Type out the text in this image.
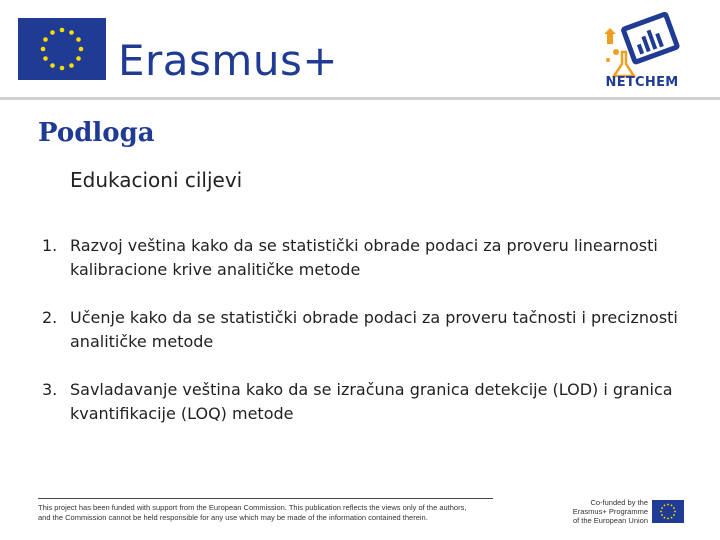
Erasmus+	NETCHEM
Podloga
Edukacioni ciljevi
1. Razvoj veština kako da se statistički obrade podaci za proveru linearnosti kalibracione krive analitičke metode
2. Učenje kako da se statistički obrade podaci za proveru tačnosti i preciznosti analitičke metode
3. Savladavanje veština kako da se izračuna granica detekcije (LOD) i granica kvantifikacije (LOQ) metode
This project has been funded with support from the European Commission. This publication reflects the views only of the authors,
and the Commission cannot be held responsible for any use which may be made of the information contained therein.
Co-funded by the
Erasmus+ Programme
of the European Union
